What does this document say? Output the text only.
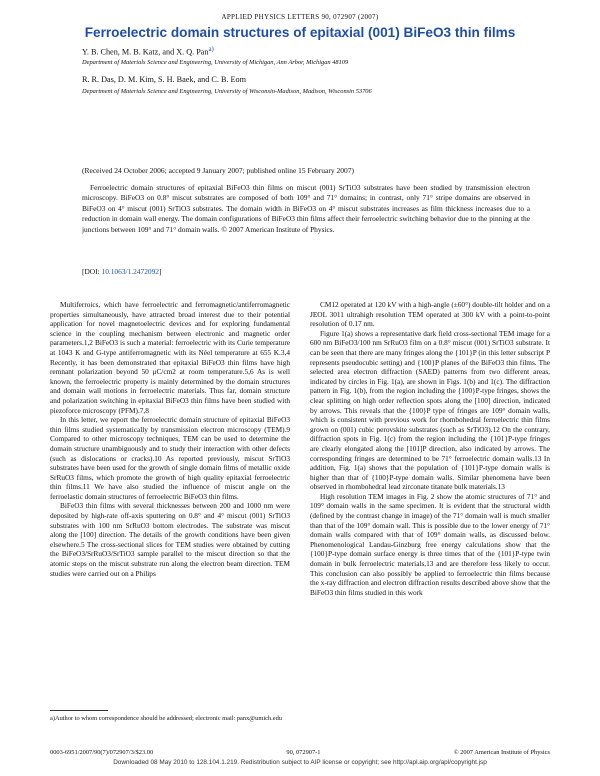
APPLIED PHYSICS LETTERS 90, 072907 (2007)
Ferroelectric domain structures of epitaxial (001) BiFeO3 thin films
Y. B. Chen, M. B. Katz, and X. Q. Pan$^{a)}$
Department of Materials Science and Engineering, University of Michigan, Ann Arbor, Michigan 48109
R. R. Das, D. M. Kim, S. H. Baek, and C. B. Eom
Department of Materials Science and Engineering, University of Wisconsin-Madison, Madison, Wisconsin 53706
(Received 24 October 2006; accepted 9 January 2007; published online 15 February 2007)
Ferroelectric domain structures of epitaxial BiFeO3 thin films on miscut (001) SrTiO3 substrates have been studied by transmission electron microscopy. BiFeO3 on 0.8° miscut substrates are composed of both 109° and 71° domains; in contrast, only 71° stripe domains are observed in BiFeO3 on 4° miscut (001) SrTiO3 substrates. The domain width in BiFeO3 on 4° miscut substrates increases as film thickness increases due to a reduction in domain wall energy. The domain configurations of BiFeO3 thin films affect their ferroelectric switching behavior due to the pinning at the junctions between 109° and 71° domain walls. © 2007 American Institute of Physics.
[DOI: 10.1063/1.2472092]

Multiferroics, which have ferroelectric and ferromagnetic/antiferromagnetic properties simultaneously, have attracted broad interest due to their potential application for novel magnetoelectric devices and for exploring fundamental science in the coupling mechanism between electronic and magnetic order parameters.1,2 BiFeO3 is such a material: ferroelectric with its Curie temperature at 1043 K and G-type antiferromagnetic with its Néel temperature at 655 K.3,4 Recently, it has been demonstrated that epitaxial BiFeO3 thin films have high remnant polarization beyond 50 μC/cm2 at room temperature.5,6 As is well known, the ferroelectric property is mainly determined by the domain structures and domain wall motions in ferroelectric materials. Thus far, domain structure and polarization switching in epitaxial BiFeO3 thin films have been studied with piezoforce microscopy (PFM).7,8

In this letter, we report the ferroelectric domain structure of epitaxial BiFeO3 thin films studied systematically by transmission electron microscopy (TEM).9 Compared to other microscopy techniques, TEM can be used to determine the domain structure unambiguously and to study their interaction with other defects (such as dislocations or cracks).10 As reported previously, miscut SrTiO3 substrates have been used for the growth of single domain films of metallic oxide SrRuO3 films, which promote the growth of high quality epitaxial ferroelectric thin films.11 We have also studied the influence of miscut angle on the ferroelastic domain structures of ferroelectric BiFeO3 thin films.

BiFeO3 thin films with several thicknesses between 200 and 1000 nm were deposited by high-rate off-axis sputtering on 0.8° and 4° miscut (001) SrTiO3 substrates with 100 nm SrRuO3 bottom electrodes. The substrate was miscut along the [100] direction. The details of the growth conditions have been given elsewhere.5 The cross-sectional slices for TEM studies were obtained by cutting the BiFeO3/SrRuO3/SrTiO3 sample parallel to the miscut direction so that the atomic steps on the miscut substrate run along the electron beam direction. TEM studies were carried out on a Philips

CM12 operated at 120 kV with a high-angle (±60°) double-tilt holder and on a JEOL 3011 ultrahigh resolution TEM operated at 300 kV with a point-to-point resolution of 0.17 nm.

Figure 1(a) shows a representative dark field cross-sectional TEM image for a 600 nm BiFeO3/100 nm SrRuO3 film on a 0.8° miscut (001) SrTiO3 substrate. It can be seen that there are many fringes along the {101}P (in this letter subscript P represents pseudocubic setting) and {100}P planes of the BiFeO3 thin films. The selected area electron diffraction (SAED) patterns from two different areas, indicated by circles in Fig. 1(a), are shown in Figs. 1(b) and 1(c). The diffraction pattern in Fig. 1(b), from the region including the {100}P-type fringes, shows the clear splitting on high order reflection spots along the [100] direction, indicated by arrows. This reveals that the {100}P type of fringes are 109° domain walls, which is consistent with previous work for rhombohedral ferroelectric thin films grown on (001) cubic perovskite substrates (such as SrTiO3).12 On the contrary, diffraction spots in Fig. 1(c) from the region including the {101}P-type fringes are clearly elongated along the [101]P direction, also indicated by arrows. The corresponding fringes are determined to be 71° ferroelectric domain walls.13 In addition, Fig. 1(a) shows that the population of {101}P-type domain walls is higher than that of {100}P-type domain walls. Similar phenomena have been observed in rhombohedral lead zirconate titanate bulk materials.13

High resolution TEM images in Fig. 2 show the atomic structures of 71° and 109° domain walls in the same specimen. It is evident that the structural width (defined by the contrast change in image) of the 71° domain wall is much smaller than that of the 109° domain wall. This is possible due to the lower energy of 71° domain walls compared with that of 109° domain walls, as discussed below. Phenomenological Landau-Ginzburg free energy calculations show that the {100}P-type domain surface energy is three times that of the {101}P-type twin domain in bulk ferroelectric materials,13 and are therefore less likely to occur. This conclusion can also possibly be applied to ferroelectric thin films because the x-ray diffraction and electron diffraction results described above show that the BiFeO3 thin films studied in this work

a)Author to whom correspondence should be addressed; electronic mail: panx@umich.edu
0003-6951/2007/90(7)/072907/3/$23.00	90, 072907-1	© 2007 American Institute of Physics
Downloaded 08 May 2010 to 128.104.1.219. Redistribution subject to AIP license or copyright; see http://apl.aip.org/apl/copyright.jsp
